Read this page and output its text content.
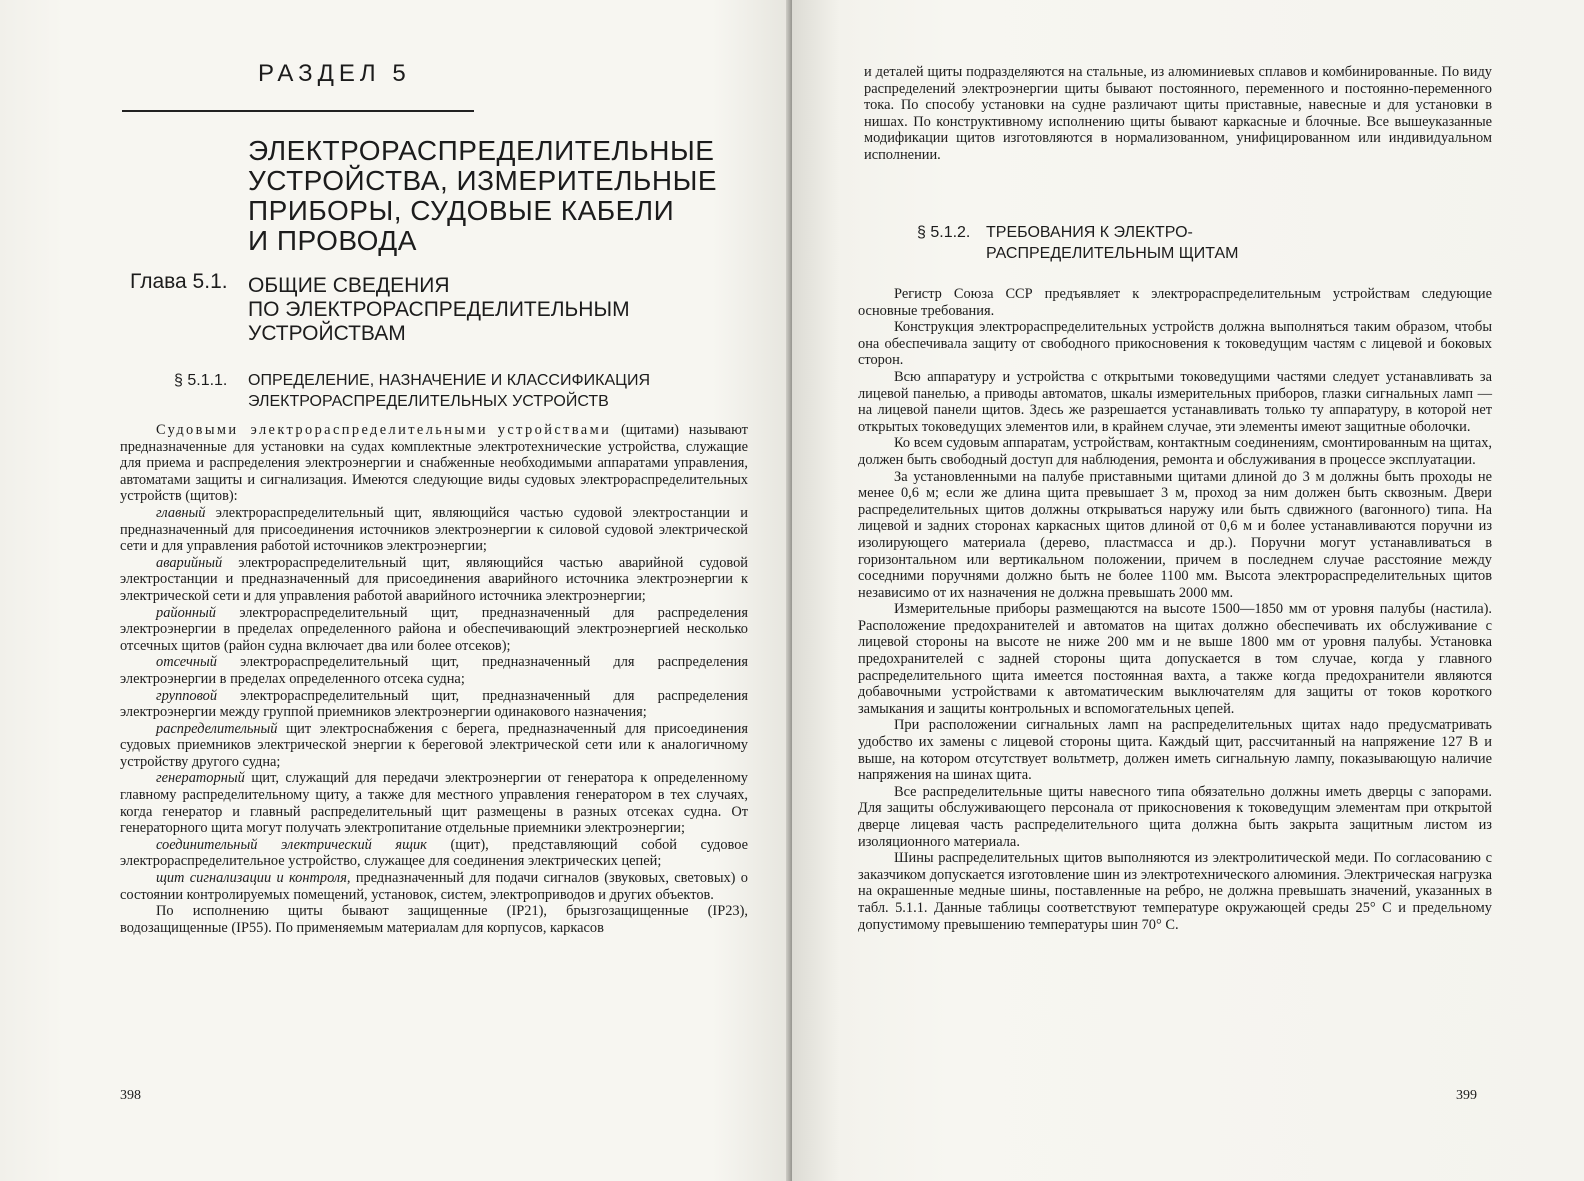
РАЗДЕЛ 5
ЭЛЕКТРОРАСПРЕДЕЛИТЕЛЬНЫЕ
УСТРОЙСТВА, ИЗМЕРИТЕЛЬНЫЕ
ПРИБОРЫ, СУДОВЫЕ КАБЕЛИ
И ПРОВОДА
Глава 5.1. ОБЩИЕ СВЕДЕНИЯ
ПО ЭЛЕКТРОРАСПРЕДЕЛИТЕЛЬНЫМ
УСТРОЙСТВАМ
§ 5.1.1. ОПРЕДЕЛЕНИЕ, НАЗНАЧЕНИЕ И КЛАССИФИКАЦИЯ
ЭЛЕКТРОРАСПРЕДЕЛИТЕЛЬНЫХ УСТРОЙСТВ

Судовыми электрораспределительными устройствами (щитами) называют предназначенные для установки на судах комплектные электротехнические устройства, служащие для приема и распределения электроэнергии и снабженные необходимыми аппаратами управления, автоматами защиты и сигнализация. Имеются следующие виды судовых электрораспределительных устройств (щитов):

главный электрораспределительный щит, являющийся частью судовой электростанции и предназначенный для присоединения источников электроэнергии к силовой судовой электрической сети и для управления работой источников электроэнергии;

аварийный электрораспределительный щит, являющийся частью аварийной судовой электростанции и предназначенный для присоединения аварийного источника электроэнергии к электрической сети и для управления работой аварийного источника электроэнергии;

районный электрораспределительный щит, предназначенный для распределения электроэнергии в пределах определенного района и обеспечивающий электроэнергией несколько отсечных щитов (район судна включает два или более отсеков);

отсечный электрораспределительный щит, предназначенный для распределения электроэнергии в пределах определенного отсека судна;

групповой электрораспределительный щит, предназначенный для распределения электроэнергии между группой приемников электроэнергии одинакового назначения;

распределительный щит электроснабжения с берега, предназначенный для присоединения судовых приемников электрической энергии к береговой электрической сети или к аналогичному устройству другого судна;

генераторный щит, служащий для передачи электроэнергии от генератора к определенному главному распределительному щиту, а также для местного управления генератором в тех случаях, когда генератор и главный распределительный щит размещены в разных отсеках судна. От генераторного щита могут получать электропитание отдельные приемники электроэнергии;

соединительный электрический ящик (щит), представляющий собой судовое электрораспределительное устройство, служащее для соединения электрических цепей;

щит сигнализации и контроля, предназначенный для подачи сигналов (звуковых, световых) о состоянии контролируемых помещений, установок, систем, электроприводов и других объектов.

По исполнению щиты бывают защищенные (IP21), брызгозащищенные (IP23), водозащищенные (IP55). По применяемым материалам для корпусов, каркасов

398

и деталей щиты подразделяются на стальные, из алюминиевых сплавов и комбинированные. По виду распределений электроэнергии щиты бывают постоянного, переменного и постоянно-переменного тока. По способу установки на судне различают щиты приставные, навесные и для установки в нишах. По конструктивному исполнению щиты бывают каркасные и блочные. Все вышеуказанные модификации щитов изготовляются в нормализованном, унифицированном или индивидуальном исполнении.

§ 5.1.2. ТРЕБОВАНИЯ К ЭЛЕКТРО-
РАСПРЕДЕЛИТЕЛЬНЫМ ЩИТАМ

Регистр Союза ССР предъявляет к электрораспределительным устройствам следующие основные требования.

Конструкция электрораспределительных устройств должна выполняться таким образом, чтобы она обеспечивала защиту от свободного прикосновения к токоведущим частям с лицевой и боковых сторон.

Всю аппаратуру и устройства с открытыми токоведущими частями следует устанавливать за лицевой панелью, а приводы автоматов, шкалы измерительных приборов, глазки сигнальных ламп — на лицевой панели щитов. Здесь же разрешается устанавливать только ту аппаратуру, в которой нет открытых токоведущих элементов или, в крайнем случае, эти элементы имеют защитные оболочки.

Ко всем судовым аппаратам, устройствам, контактным соединениям, смонтированным на щитах, должен быть свободный доступ для наблюдения, ремонта и обслуживания в процессе эксплуатации.

За установленными на палубе приставными щитами длиной до 3 м должны быть проходы не менее 0,6 м; если же длина щита превышает 3 м, проход за ним должен быть сквозным. Двери распределительных щитов должны открываться наружу или быть сдвижного (вагонного) типа. На лицевой и задних сторонах каркасных щитов длиной от 0,6 м и более устанавливаются поручни из изолирующего материала (дерево, пластмасса и др.). Поручни могут устанавливаться в горизонтальном или вертикальном положении, причем в последнем случае расстояние между соседними поручнями должно быть не более 1100 мм. Высота электрораспределительных щитов независимо от их назначения не должна превышать 2000 мм.

Измерительные приборы размещаются на высоте 1500—1850 мм от уровня палубы (настила). Расположение предохранителей и автоматов на щитах должно обеспечивать их обслуживание с лицевой стороны на высоте не ниже 200 мм и не выше 1800 мм от уровня палубы. Установка предохранителей с задней стороны щита допускается в том случае, когда у главного распределительного щита имеется постоянная вахта, а также когда предохранители являются добавочными устройствами к автоматическим выключателям для защиты от токов короткого замыкания и защиты контрольных и вспомогательных цепей.

При расположении сигнальных ламп на распределительных щитах надо предусматривать удобство их замены с лицевой стороны щита. Каждый щит, рассчитанный на напряжение 127 В и выше, на котором отсутствует вольтметр, должен иметь сигнальную лампу, показывающую наличие напряжения на шинах щита.

Все распределительные щиты навесного типа обязательно должны иметь дверцы с запорами. Для защиты обслуживающего персонала от прикосновения к токоведущим элементам при открытой дверце лицевая часть распределительного щита должна быть закрыта защитным листом из изоляционного материала.

Шины распределительных щитов выполняются из электролитической меди. По согласованию с заказчиком допускается изготовление шин из электротехнического алюминия. Электрическая нагрузка на окрашенные медные шины, поставленные на ребро, не должна превышать значений, указанных в табл. 5.1.1. Данные таблицы соответствуют температуре окружающей среды 25° С и предельному допустимому превышению температуры шин 70° С.

399
